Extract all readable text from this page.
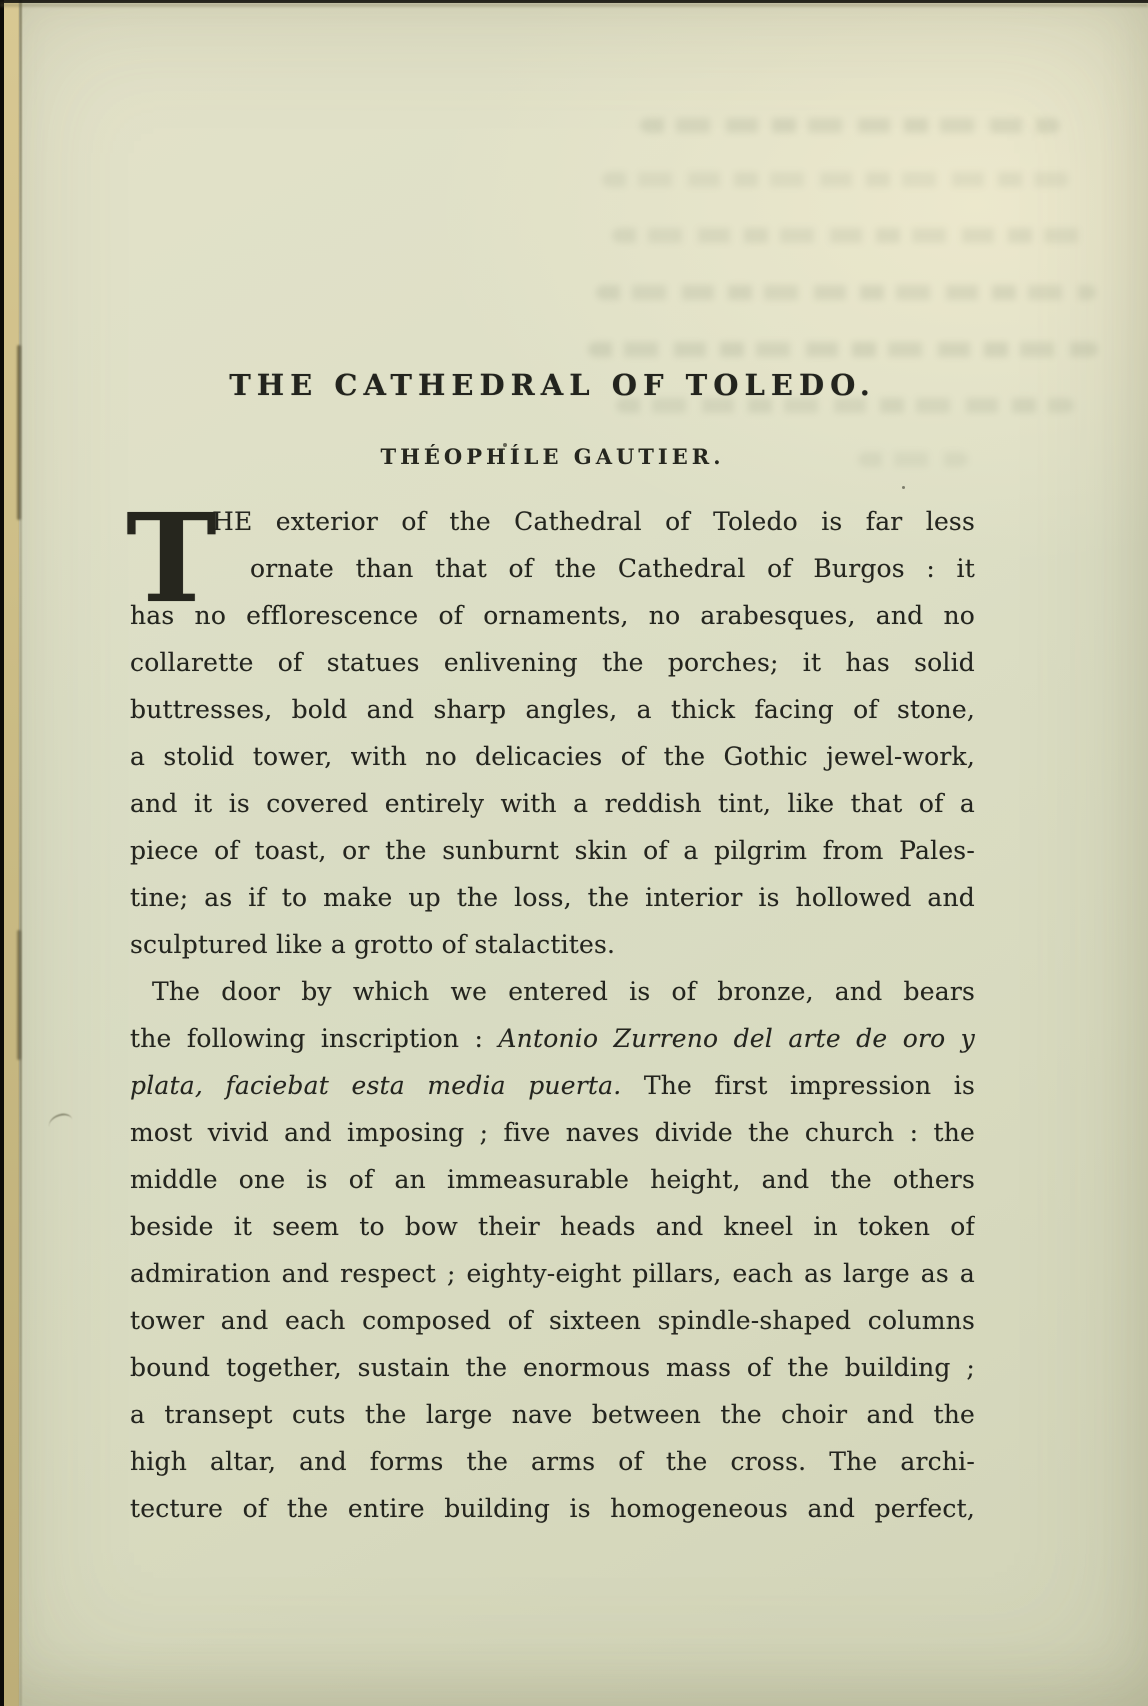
THE CATHEDRAL OF TOLEDO.
THÉOPHÍLE GAUTIER.
T
HE exterior of the Cathedral of Toledo is far less
ornate than that of the Cathedral of Burgos : it
has no efflorescence of ornaments, no arabesques, and no
collarette of statues enlivening the porches; it has solid
buttresses, bold and sharp angles, a thick facing of stone,
a stolid tower, with no delicacies of the Gothic jewel-work,
and it is covered entirely with a reddish tint, like that of a
piece of toast, or the sunburnt skin of a pilgrim from Pales-
tine; as if to make up the loss, the interior is hollowed and
sculptured like a grotto of stalactites.
The door by which we entered is of bronze, and bears
the following inscription : Antonio Zurreno del arte de oro y
plata, faciebat esta media puerta. The first impression is
most vivid and imposing ; five naves divide the church : the
middle one is of an immeasurable height, and the others
beside it seem to bow their heads and kneel in token of
admiration and respect ; eighty-eight pillars, each as large as a
tower and each composed of sixteen spindle-shaped columns
bound together, sustain the enormous mass of the building ;
a transept cuts the large nave between the choir and the
high altar, and forms the arms of the cross. The archi-
tecture of the entire building is homogeneous and perfect,
